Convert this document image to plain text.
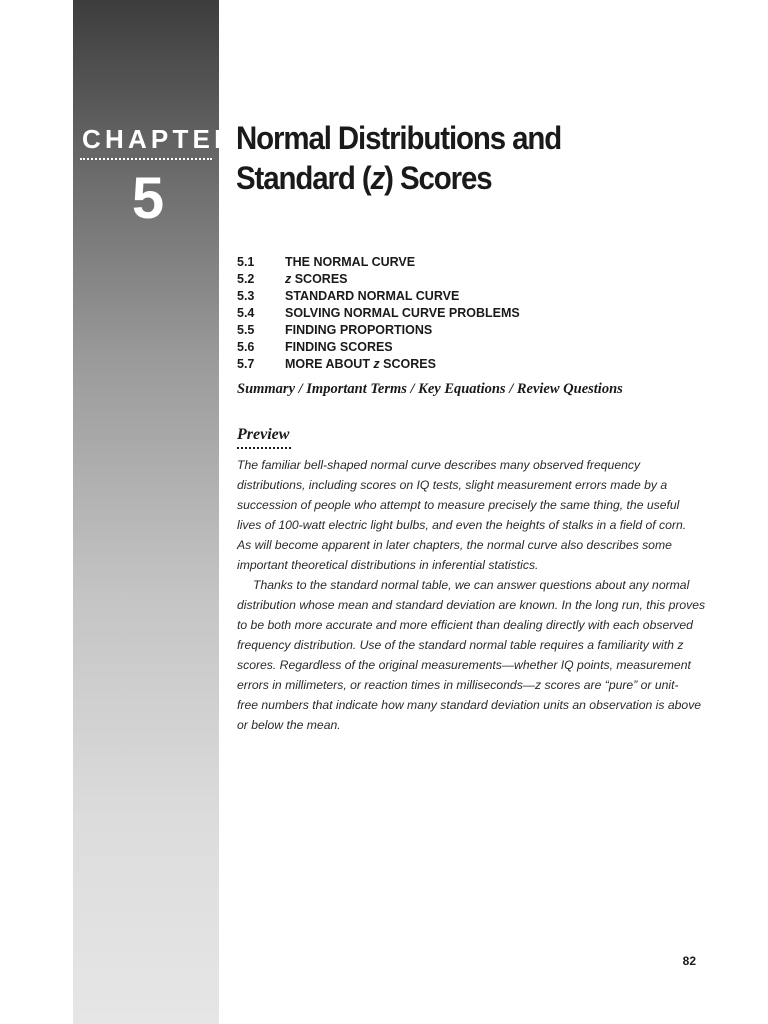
CHAPTER
5
Normal Distributions and
Standard (z) Scores
5.1	THE NORMAL CURVE
5.2	z SCORES
5.3	STANDARD NORMAL CURVE
5.4	SOLVING NORMAL CURVE PROBLEMS
5.5	FINDING PROPORTIONS
5.6	FINDING SCORES
5.7	MORE ABOUT z SCORES
Summary / Important Terms / Key Equations / Review Questions
Preview

The familiar bell-shaped normal curve describes many observed frequency
distributions, including scores on IQ tests, slight measurement errors made by a
succession of people who attempt to measure precisely the same thing, the useful
lives of 100-watt electric light bulbs, and even the heights of stalks in a field of corn.
As will become apparent in later chapters, the normal curve also describes some
important theoretical distributions in inferential statistics.

Thanks to the standard normal table, we can answer questions about any normal
distribution whose mean and standard deviation are known. In the long run, this proves
to be both more accurate and more efficient than dealing directly with each observed
frequency distribution. Use of the standard normal table requires a familiarity with z
scores. Regardless of the original measurements—whether IQ points, measurement
errors in millimeters, or reaction times in milliseconds—z scores are “pure” or unit-
free numbers that indicate how many standard deviation units an observation is above
or below the mean.

82
